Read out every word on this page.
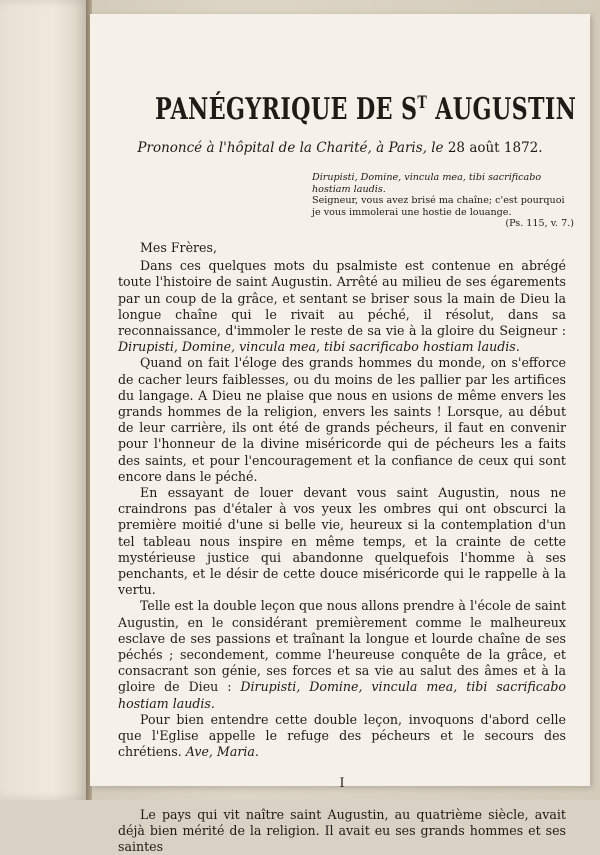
PANÉGYRIQUE DE $S^T$ AUGUSTIN
Prononcé à l'hôpital de la Charité, à Paris, le 28 août 1872.
Dirupisti, Domine, vincula mea, tibi sacrificabo hostiam laudis.
Seigneur, vous avez brisé ma chaîne; c'est pourquoi je vous immolerai une hostie de louange.
(Ps. 115, v. 7.)

Mes Frères,

Dans ces quelques mots du psalmiste est contenue en abrégé toute l'histoire de saint Augustin. Arrêté au milieu de ses égarements par un coup de la grâce, et sentant se briser sous la main de Dieu la longue chaîne qui le rivait au péché, il résolut, dans sa reconnaissance, d'immoler le reste de sa vie à la gloire du Seigneur : Dirupisti, Domine, vincula mea, tibi sacrificabo hostiam laudis.

Quand on fait l'éloge des grands hommes du monde, on s'efforce de cacher leurs faiblesses, ou du moins de les pallier par les artifices du langage. A Dieu ne plaise que nous en usions de même envers les grands hommes de la religion, envers les saints ! Lorsque, au début de leur carrière, ils ont été de grands pécheurs, il faut en convenir pour l'honneur de la divine miséricorde qui de pécheurs les a faits des saints, et pour l'encouragement et la confiance de ceux qui sont encore dans le péché.

En essayant de louer devant vous saint Augustin, nous ne craindrons pas d'étaler à vos yeux les ombres qui ont obscurci la première moitié d'une si belle vie, heureux si la contemplation d'un tel tableau nous inspire en même temps, et la crainte de cette mystérieuse justice qui abandonne quelquefois l'homme à ses penchants, et le désir de cette douce miséricorde qui le rappelle à la vertu.

Telle est la double leçon que nous allons prendre à l'école de saint Augustin, en le considérant premièrement comme le malheureux esclave de ses passions et traînant la longue et lourde chaîne de ses péchés ; secondement, comme l'heureuse conquête de la grâce, et consacrant son génie, ses forces et sa vie au salut des âmes et à la gloire de Dieu : Dirupisti, Domine, vincula mea, tibi sacrificabo hostiam laudis.

Pour bien entendre cette double leçon, invoquons d'abord celle que l'Eglise appelle le refuge des pécheurs et le secours des chrétiens. Ave, Maria.

I

Le pays qui vit naître saint Augustin, au quatrième siècle, avait déjà bien mérité de la religion. Il avait eu ses grands hommes et ses saintes
